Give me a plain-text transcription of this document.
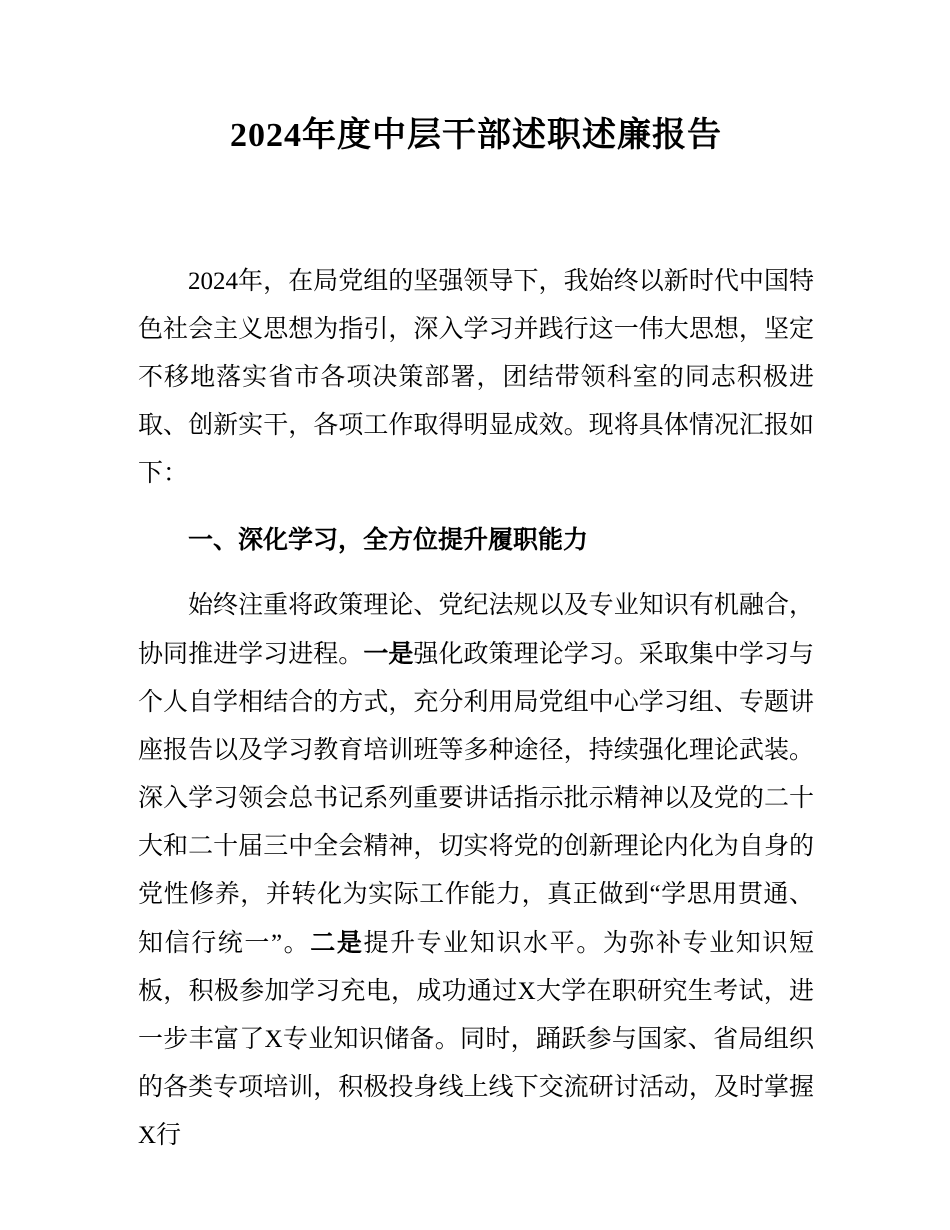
2024年度中层干部述职述廉报告

2024年，在局党组的坚强领导下，我始终以新时代中国特色社会主义思想为指引，深入学习并践行这一伟大思想，坚定不移地落实省市各项决策部署，团结带领科室的同志积极进取、创新实干，各项工作取得明显成效。现将具体情况汇报如下：

一、深化学习，全方位提升履职能力

始终注重将政策理论、党纪法规以及专业知识有机融合，协同推进学习进程。一是强化政策理论学习。采取集中学习与个人自学相结合的方式，充分利用局党组中心学习组、专题讲座报告以及学习教育培训班等多种途径，持续强化理论武装。深入学习领会总书记系列重要讲话指示批示精神以及党的二十大和二十届三中全会精神，切实将党的创新理论内化为自身的党性修养，并转化为实际工作能力，真正做到“学思用贯通、知信行统一”。二是提升专业知识水平。为弥补专业知识短板，积极参加学习充电，成功通过X大学在职研究生考试，进一步丰富了X专业知识储备。同时，踊跃参与国家、省局组织的各类专项培训，积极投身线上线下交流研讨活动，及时掌握X行
